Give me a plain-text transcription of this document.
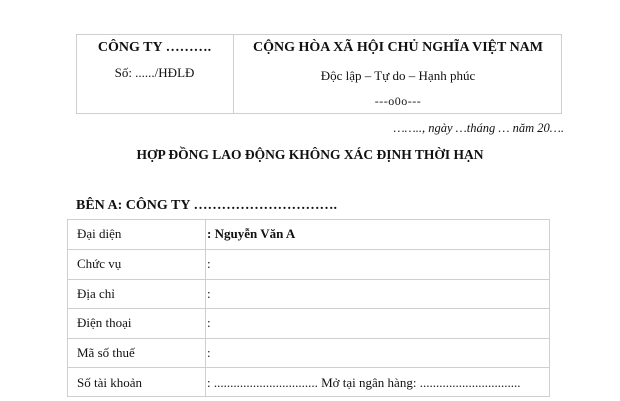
CÔNG TY ……….
Số: ....../HĐLĐ
CỘNG HÒA XÃ HỘI CHỦ NGHĨA VIỆT NAM
Độc lập – Tự do – Hạnh phúc
---o0o---
…….., ngày …tháng … năm 20….
HỢP ĐỒNG LAO ĐỘNG KHÔNG XÁC ĐỊNH THỜI HẠN
BÊN A: CÔNG TY ………………………….
Đại diện	: Nguyễn Văn A
Chức vụ	:
Địa chỉ	:
Điện thoại	:
Mã số thuế	:
Số tài khoản	: ................................ Mở tại ngân hàng: ...............................
